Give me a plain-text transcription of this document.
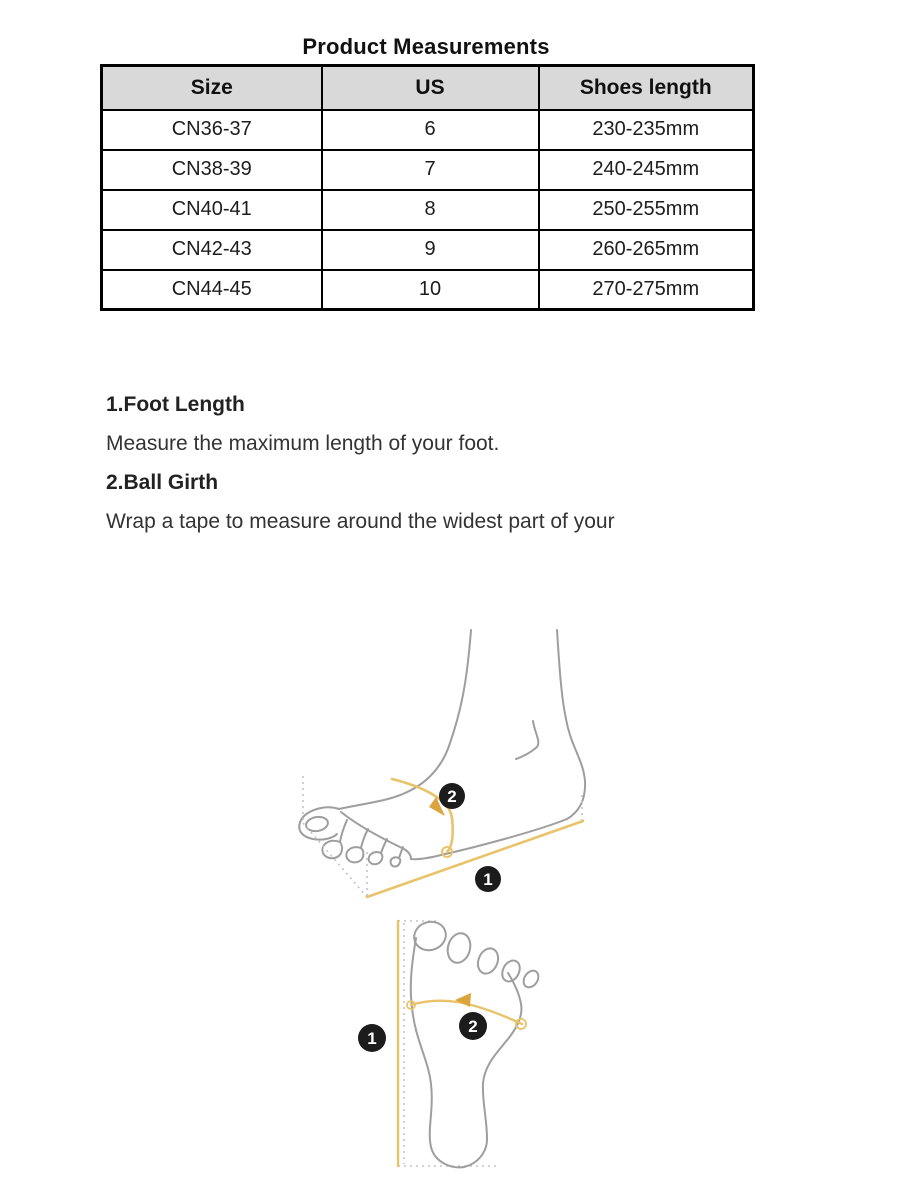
Product Measurements
Size	US	Shoes length
CN36-37	6	230-235mm
CN38-39	7	240-245mm
CN40-41	8	250-255mm
CN42-43	9	260-265mm
CN44-45	10	270-275mm
1.Foot Length
Measure the maximum length of your foot.
2.Ball Girth
Wrap a tape to measure around the widest part of your
2
1
1
2
